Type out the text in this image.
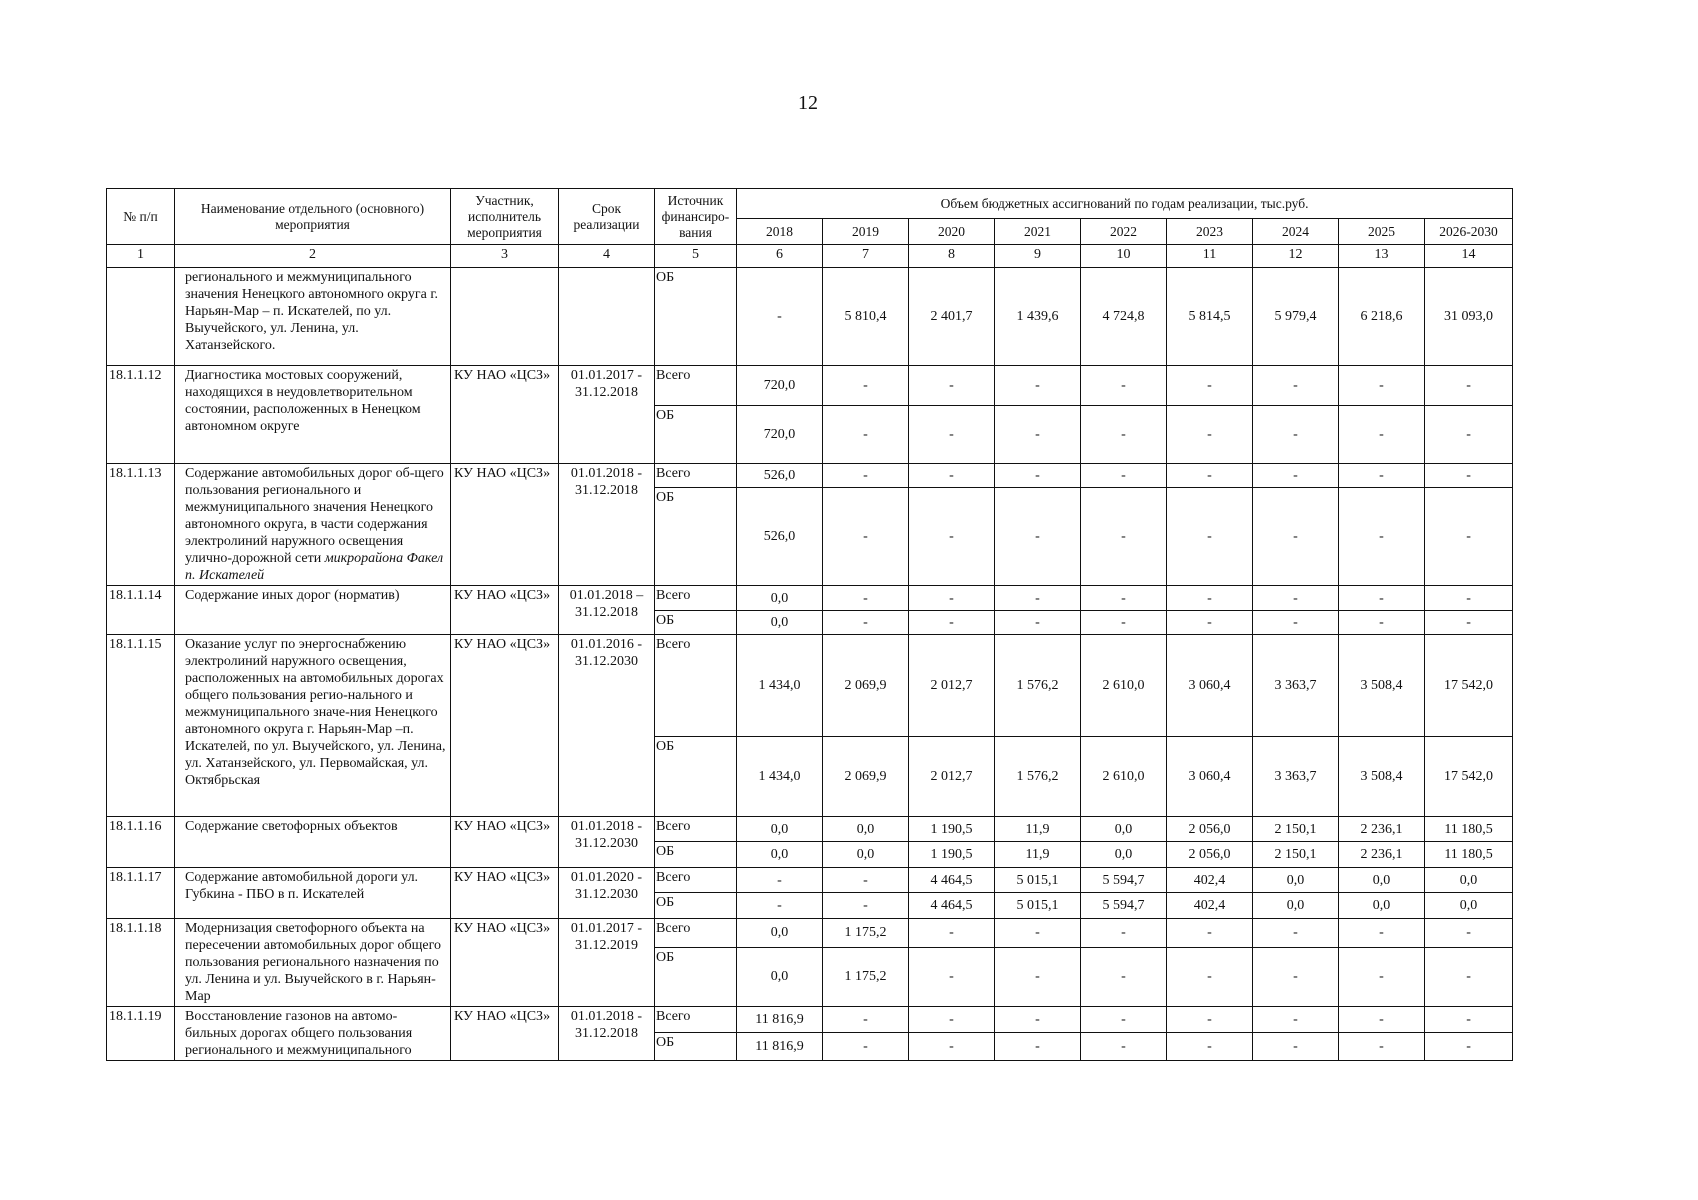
12
№ п/п	Наименование отдельного (основного) мероприятия	Участник, исполнитель мероприятия	Срок реализации	Источник финансиро-вания	Объем бюджетных ассигнований по годам реализации, тыс.руб.								
					2018	2019	2020	2021	2022	2023	2024	2025	2026-2030
1	2	3	4	5	6	7	8	9	10	11	12	13	14
	регионального и межмуниципального значения Ненецкого автономного округа г. Нарьян-Мар – п. Искателей, по ул. Выучейского, ул. Ленина, ул. Хатанзейского.			ОБ	-	5 810,4	2 401,7	1 439,6	4 724,8	5 814,5	5 979,4	6 218,6	31 093,0
18.1.1.12	Диагностика мостовых сооружений, находящихся в неудовлетворительном состоянии, расположенных в Ненецком автономном округе	КУ НАО «ЦСЗ»	01.01.2017 - 31.12.2018	Всего	720,0	-	-	-	-	-	-	-	-
				ОБ	720,0	-	-	-	-	-	-	-	-
18.1.1.13	Содержание автомобильных дорог об-щего пользования регионального и межмуниципального значения Ненецкого автономного округа, в части содержания электролиний наружного освещения улично-дорожной сети микрорайона Факел п. Искателей	КУ НАО «ЦСЗ»	01.01.2018 - 31.12.2018	Всего	526,0	-	-	-	-	-	-	-	-
				ОБ	526,0	-	-	-	-	-	-	-	-
18.1.1.14	Содержание иных дорог (норматив)	КУ НАО «ЦСЗ»	01.01.2018 – 31.12.2018	Всего	0,0	-	-	-	-	-	-	-	-
				ОБ	0,0	-	-	-	-	-	-	-	-
18.1.1.15	Оказание услуг по энергоснабжению электролиний наружного освещения, расположенных на автомобильных дорогах общего пользования регио-нального и межмуниципального значе-ния Ненецкого автономного округа г. Нарьян-Мар –п. Искателей, по ул. Выучейского, ул. Ленина, ул. Хатанзейского, ул. Первомайская, ул. Октябрьская	КУ НАО «ЦСЗ»	01.01.2016 - 31.12.2030	Всего	1 434,0	2 069,9	2 012,7	1 576,2	2 610,0	3 060,4	3 363,7	3 508,4	17 542,0
				ОБ	1 434,0	2 069,9	2 012,7	1 576,2	2 610,0	3 060,4	3 363,7	3 508,4	17 542,0
18.1.1.16	Содержание светофорных объектов	КУ НАО «ЦСЗ»	01.01.2018 - 31.12.2030	Всего	0,0	0,0	1 190,5	11,9	0,0	2 056,0	2 150,1	2 236,1	11 180,5
				ОБ	0,0	0,0	1 190,5	11,9	0,0	2 056,0	2 150,1	2 236,1	11 180,5
18.1.1.17	Содержание автомобильной дороги ул. Губкина - ПБО в п. Искателей	КУ НАО «ЦСЗ»	01.01.2020 - 31.12.2030	Всего	-	-	4 464,5	5 015,1	5 594,7	402,4	0,0	0,0	0,0
				ОБ	-	-	4 464,5	5 015,1	5 594,7	402,4	0,0	0,0	0,0
18.1.1.18	Модернизация светофорного объекта на пересечении автомобильных дорог общего пользования регионального назначения по ул. Ленина и ул. Выучейского в г. Нарьян-Мар	КУ НАО «ЦСЗ»	01.01.2017 - 31.12.2019	Всего	0,0	1 175,2	-	-	-	-	-	-	-
				ОБ	0,0	1 175,2	-	-	-	-	-	-	-
18.1.1.19	Восстановление газонов на автомо-бильных дорогах общего пользования регионального и межмуниципального	КУ НАО «ЦСЗ»	01.01.2018 - 31.12.2018	Всего	11 816,9	-	-	-	-	-	-	-	-
				ОБ	11 816,9	-	-	-	-	-	-	-	-
